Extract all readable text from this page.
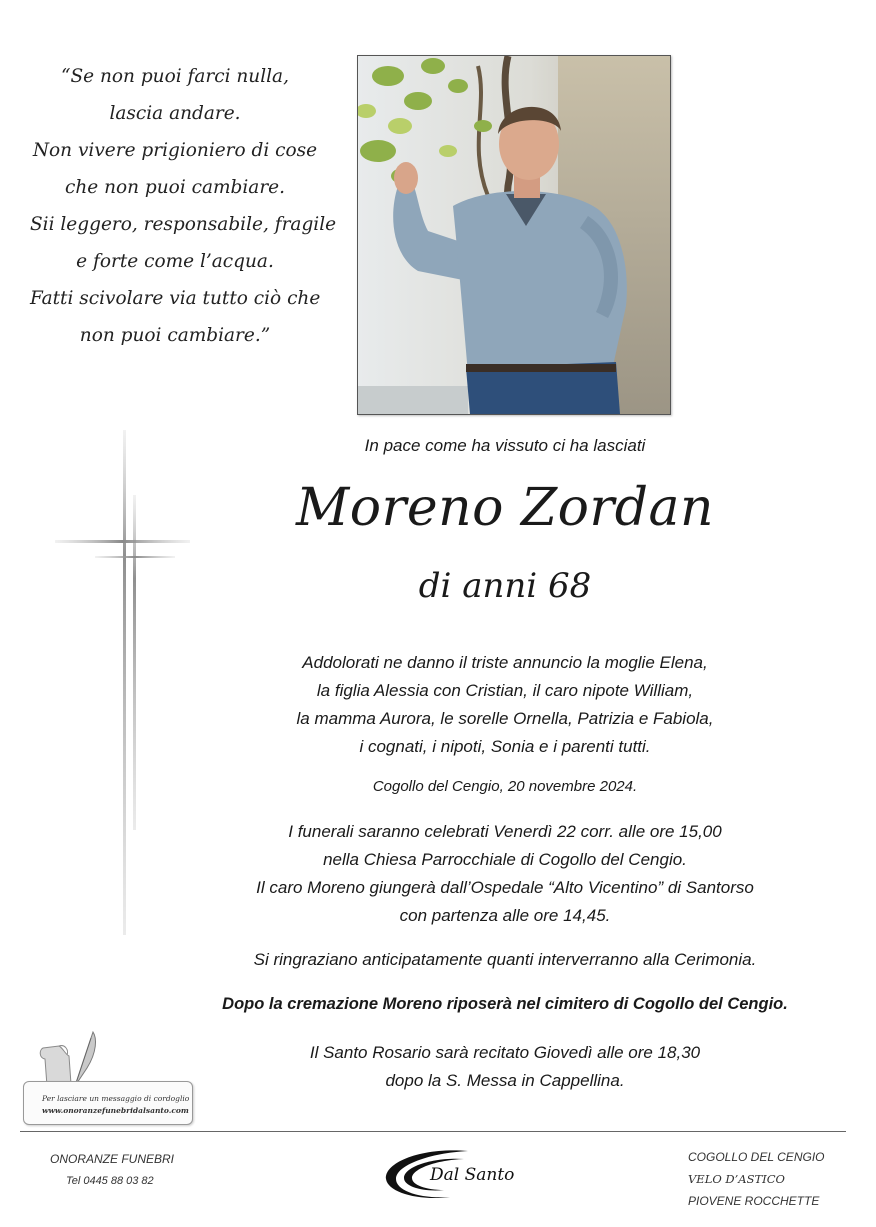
“Se non puoi farci nulla,
lascia andare.
Non vivere prigioniero di cose
che non puoi cambiare.
Sii leggero, responsabile, fragile
e forte come l’acqua.
Fatti scivolare via tutto ciò che
non puoi cambiare.”
In pace come ha vissuto ci ha lasciati
Moreno Zordan
di anni 68
Addolorati ne danno il triste annuncio la moglie Elena,
la figlia Alessia con Cristian, il caro nipote William,
la mamma Aurora, le sorelle Ornella, Patrizia e Fabiola,
i cognati, i nipoti, Sonia e i parenti tutti.
Cogollo del Cengio, 20 novembre 2024.
I funerali saranno celebrati Venerdì 22 corr. alle ore 15,00
nella Chiesa Parrocchiale di Cogollo del Cengio.
Il caro Moreno giungerà dall’Ospedale “Alto Vicentino” di Santorso
con partenza alle ore 14,45.
Si ringraziano anticipatamente quanti interverranno alla Cerimonia.
Dopo la cremazione Moreno riposerà nel cimitero di Cogollo del Cengio.
Il Santo Rosario sarà recitato Giovedì alle ore 18,30
dopo la S. Messa in Cappellina.
Per lasciare un messaggio di cordoglio
www.onoranzefunebridalsanto.com
ONORANZE FUNEBRI
Tel 0445 88 03 82	Dal Santo
COGOLLO DEL CENGIO
VELO D’ASTICO
PIOVENE ROCCHETTE
